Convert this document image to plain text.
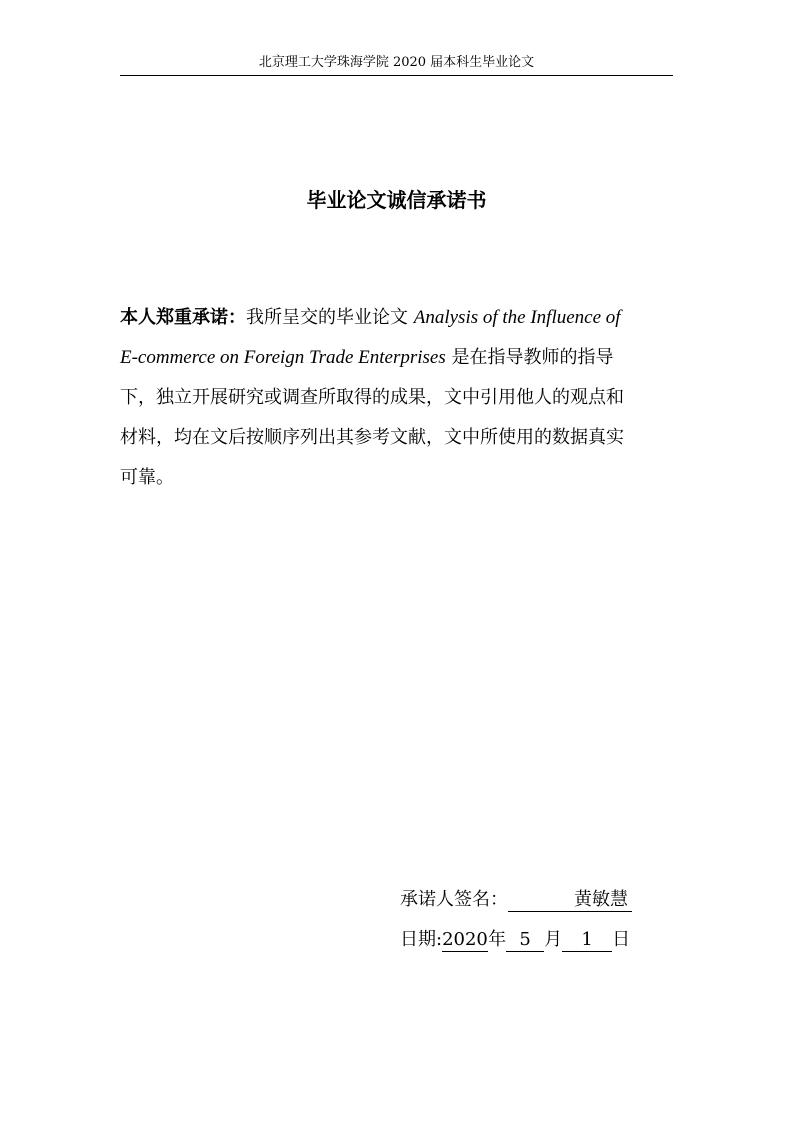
北京理工大学珠海学院 2020 届本科生毕业论文
毕业论文诚信承诺书
本人郑重承诺：我所呈交的毕业论文 Analysis of the Influence of
E-commerce on Foreign Trade Enterprises 是在指导教师的指导
下，独立开展研究或调查所取得的成果，文中引用他人的观点和
材料，均在文后按顺序列出其参考文献，文中所使用的数据真实
可靠。
承诺人签名：	黄敏慧
日期:2020年 5 月 1 日
